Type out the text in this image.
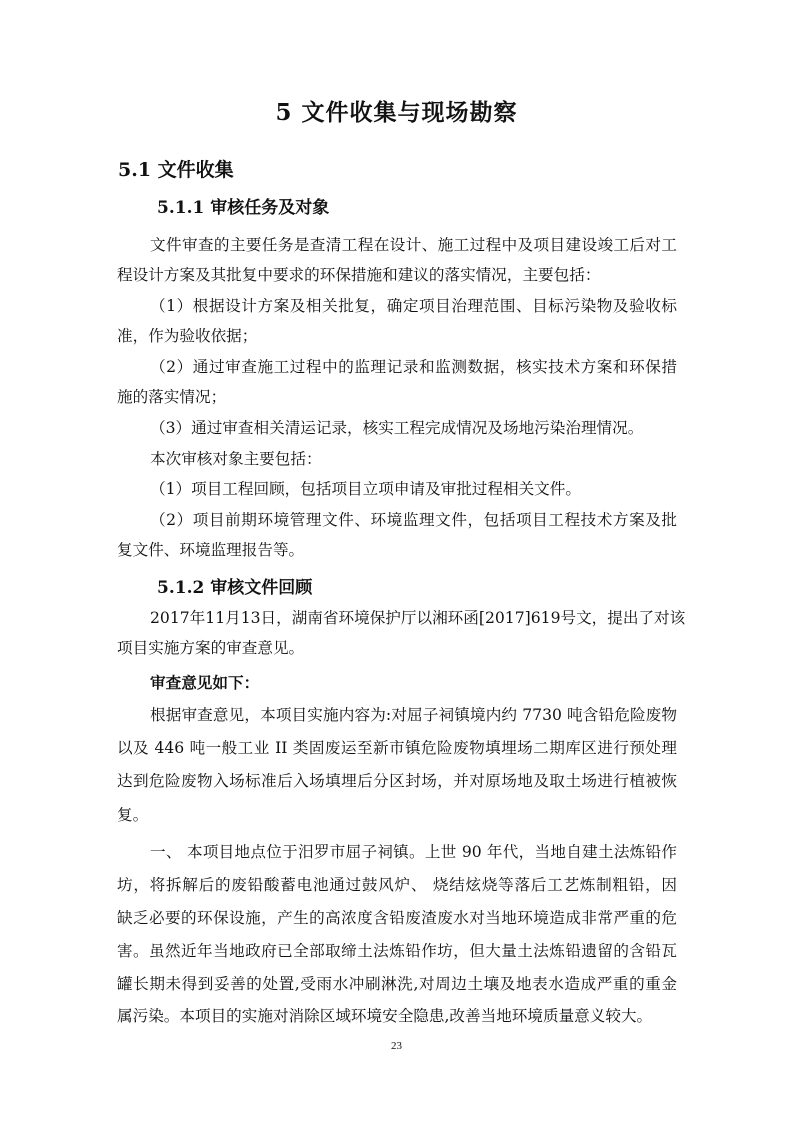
5 文件收集与现场勘察
5.1 文件收集
5.1.1 审核任务及对象

文件审查的主要任务是查清工程在设计、施工过程中及项目建设竣工后对工

程设计方案及其批复中要求的环保措施和建议的落实情况，主要包括：

（1）根据设计方案及相关批复，确定项目治理范围、目标污染物及验收标

准，作为验收依据；

（2）通过审查施工过程中的监理记录和监测数据，核实技术方案和环保措

施的落实情况；

（3）通过审查相关清运记录，核实工程完成情况及场地污染治理情况。

本次审核对象主要包括：

（1）项目工程回顾，包括项目立项申请及审批过程相关文件。

（2）项目前期环境管理文件、环境监理文件，包括项目工程技术方案及批

复文件、环境监理报告等。

5.1.2 审核文件回顾

2017年11月13日，湖南省环境保护厅以湘环函[2017]619号文，提出了对该

项目实施方案的审查意见。

审查意见如下：

根据审查意见，本项目实施内容为:对屈子祠镇境内约 7730 吨含铅危险废物

以及 446 吨一般工业 II 类固废运至新市镇危险废物填埋场二期库区进行预处理

达到危险废物入场标准后入场填埋后分区封场，并对原场地及取土场进行植被恢

复。

一、 本项目地点位于汨罗市屈子祠镇。上世 90 年代，当地自建土法炼铅作

坊，将拆解后的废铅酸蓄电池通过鼓风炉、 烧结炫烧等落后工艺炼制粗铅，因

缺乏必要的环保设施，产生的高浓度含铅废渣废水对当地环境造成非常严重的危

害。虽然近年当地政府已全部取缔土法炼铅作坊，但大量土法炼铅遗留的含铅瓦

罐长期未得到妥善的处置,受雨水冲刷淋洗,对周边土壤及地表水造成严重的重金

属污染。本项目的实施对消除区域环境安全隐患,改善当地环境质量意义较大。

23
